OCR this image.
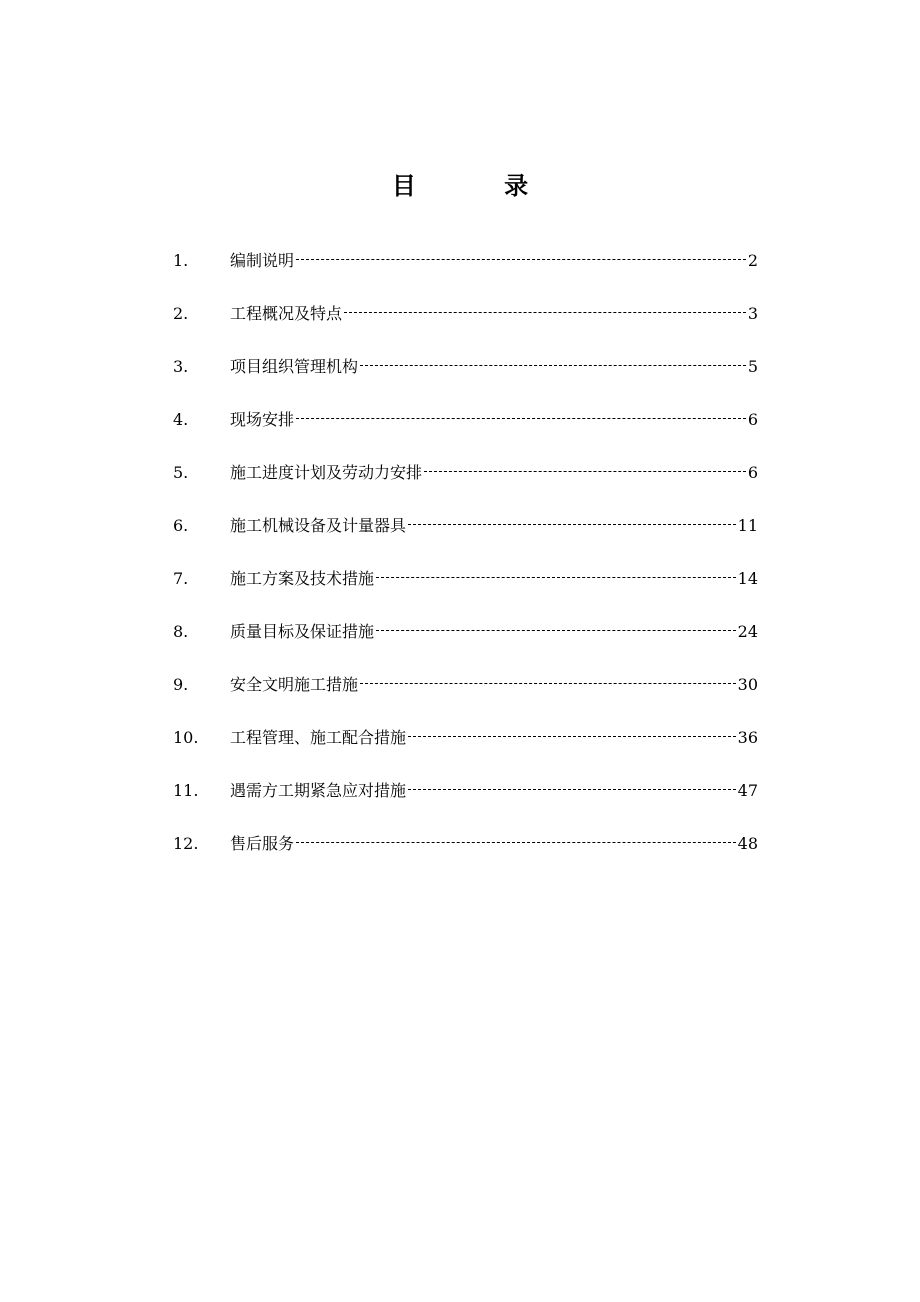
目 录
1.	编制说明	2
2.	工程概况及特点	3
3.	项目组织管理机构	5
4.	现场安排	6
5.	施工进度计划及劳动力安排	6
6.	施工机械设备及计量器具	11
7.	施工方案及技术措施	14
8.	质量目标及保证措施	24
9.	安全文明施工措施	30
10.	工程管理、施工配合措施	36
11.	遇需方工期紧急应对措施	47
12.	售后服务	48
